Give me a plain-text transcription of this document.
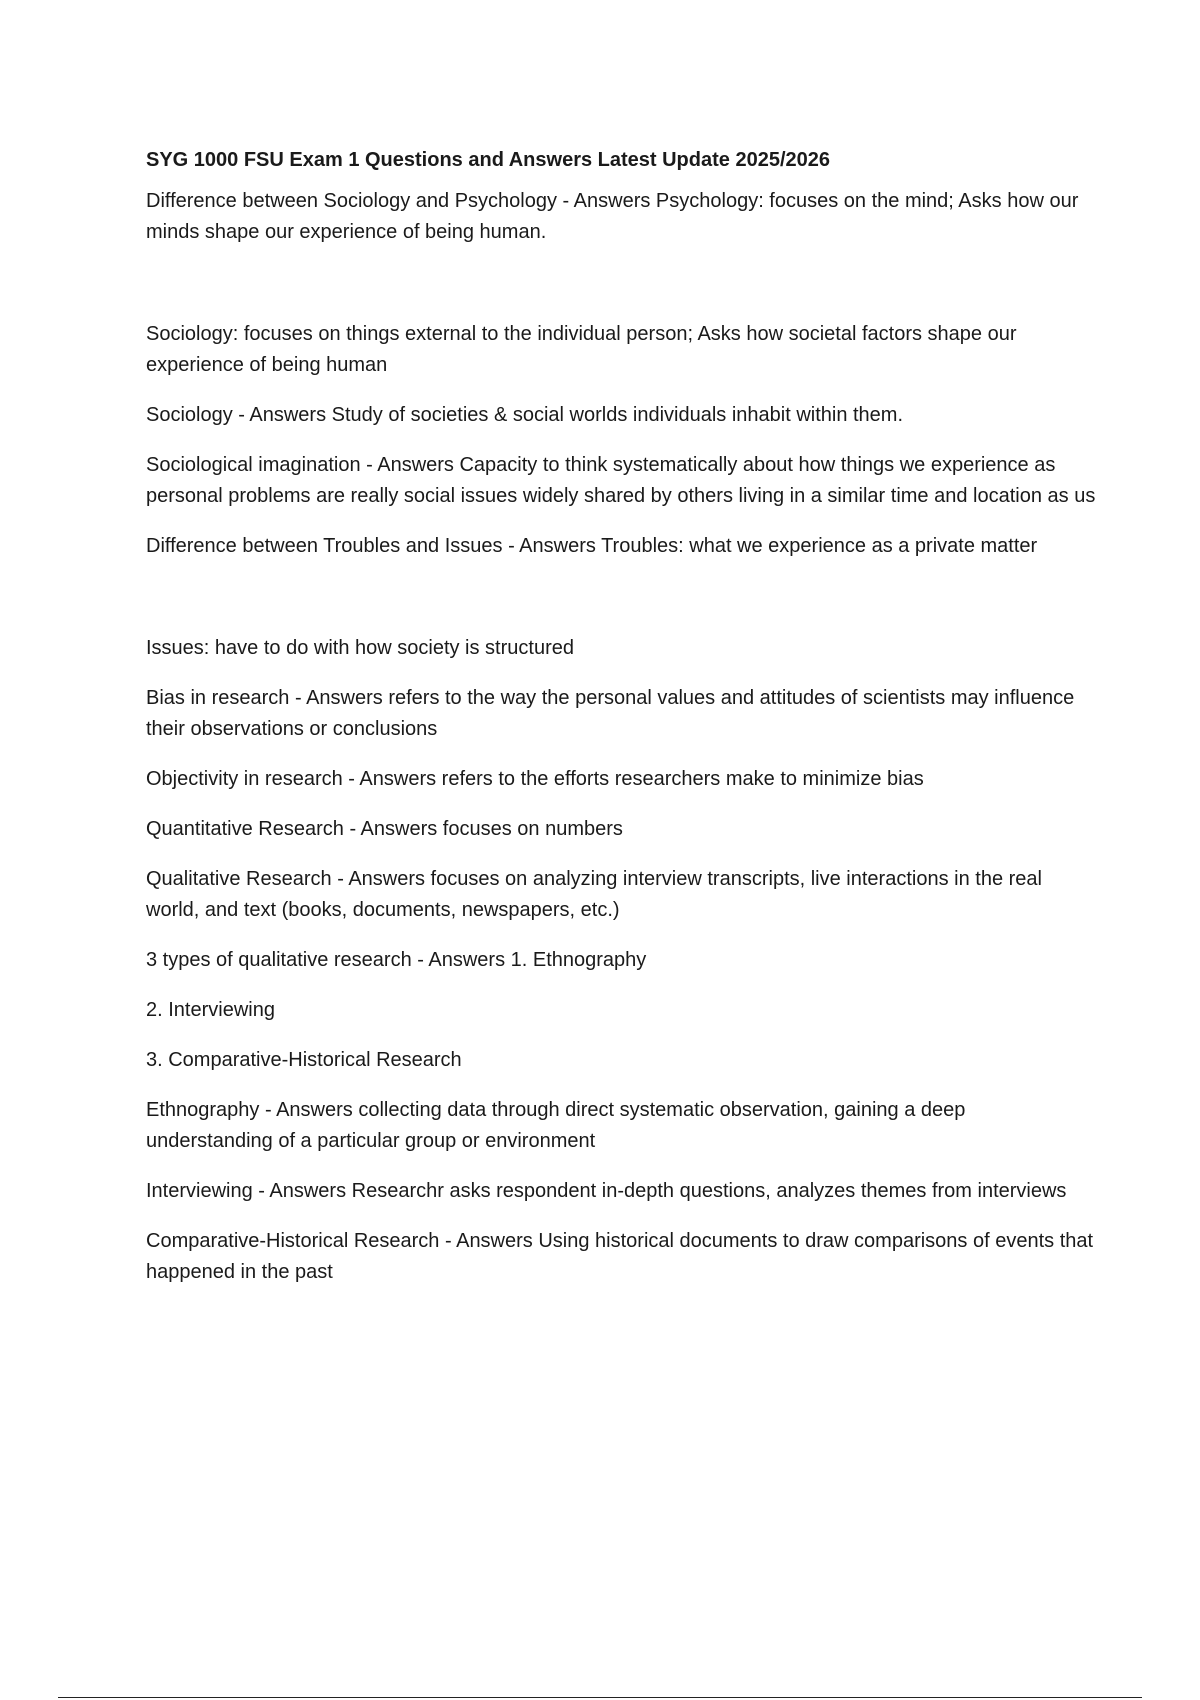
SYG 1000 FSU Exam 1 Questions and Answers Latest Update 2025/2026

Difference between Sociology and Psychology - Answers Psychology: focuses on the mind; Asks how our minds shape our experience of being human.

Sociology: focuses on things external to the individual person; Asks how societal factors shape our experience of being human

Sociology - Answers Study of societies & social worlds individuals inhabit within them.

Sociological imagination - Answers Capacity to think systematically about how things we experience as personal problems are really social issues widely shared by others living in a similar time and location as us

Difference between Troubles and Issues - Answers Troubles: what we experience as a private matter

Issues: have to do with how society is structured

Bias in research - Answers refers to the way the personal values and attitudes of scientists may influence their observations or conclusions

Objectivity in research - Answers refers to the efforts researchers make to minimize bias

Quantitative Research - Answers focuses on numbers

Qualitative Research - Answers focuses on analyzing interview transcripts, live interactions in the real world, and text (books, documents, newspapers, etc.)

3 types of qualitative research - Answers 1. Ethnography

2. Interviewing

3. Comparative-Historical Research

Ethnography - Answers collecting data through direct systematic observation, gaining a deep understanding of a particular group or environment

Interviewing - Answers Researchr asks respondent in-depth questions, analyzes themes from interviews

Comparative-Historical Research - Answers Using historical documents to draw comparisons of events that happened in the past
